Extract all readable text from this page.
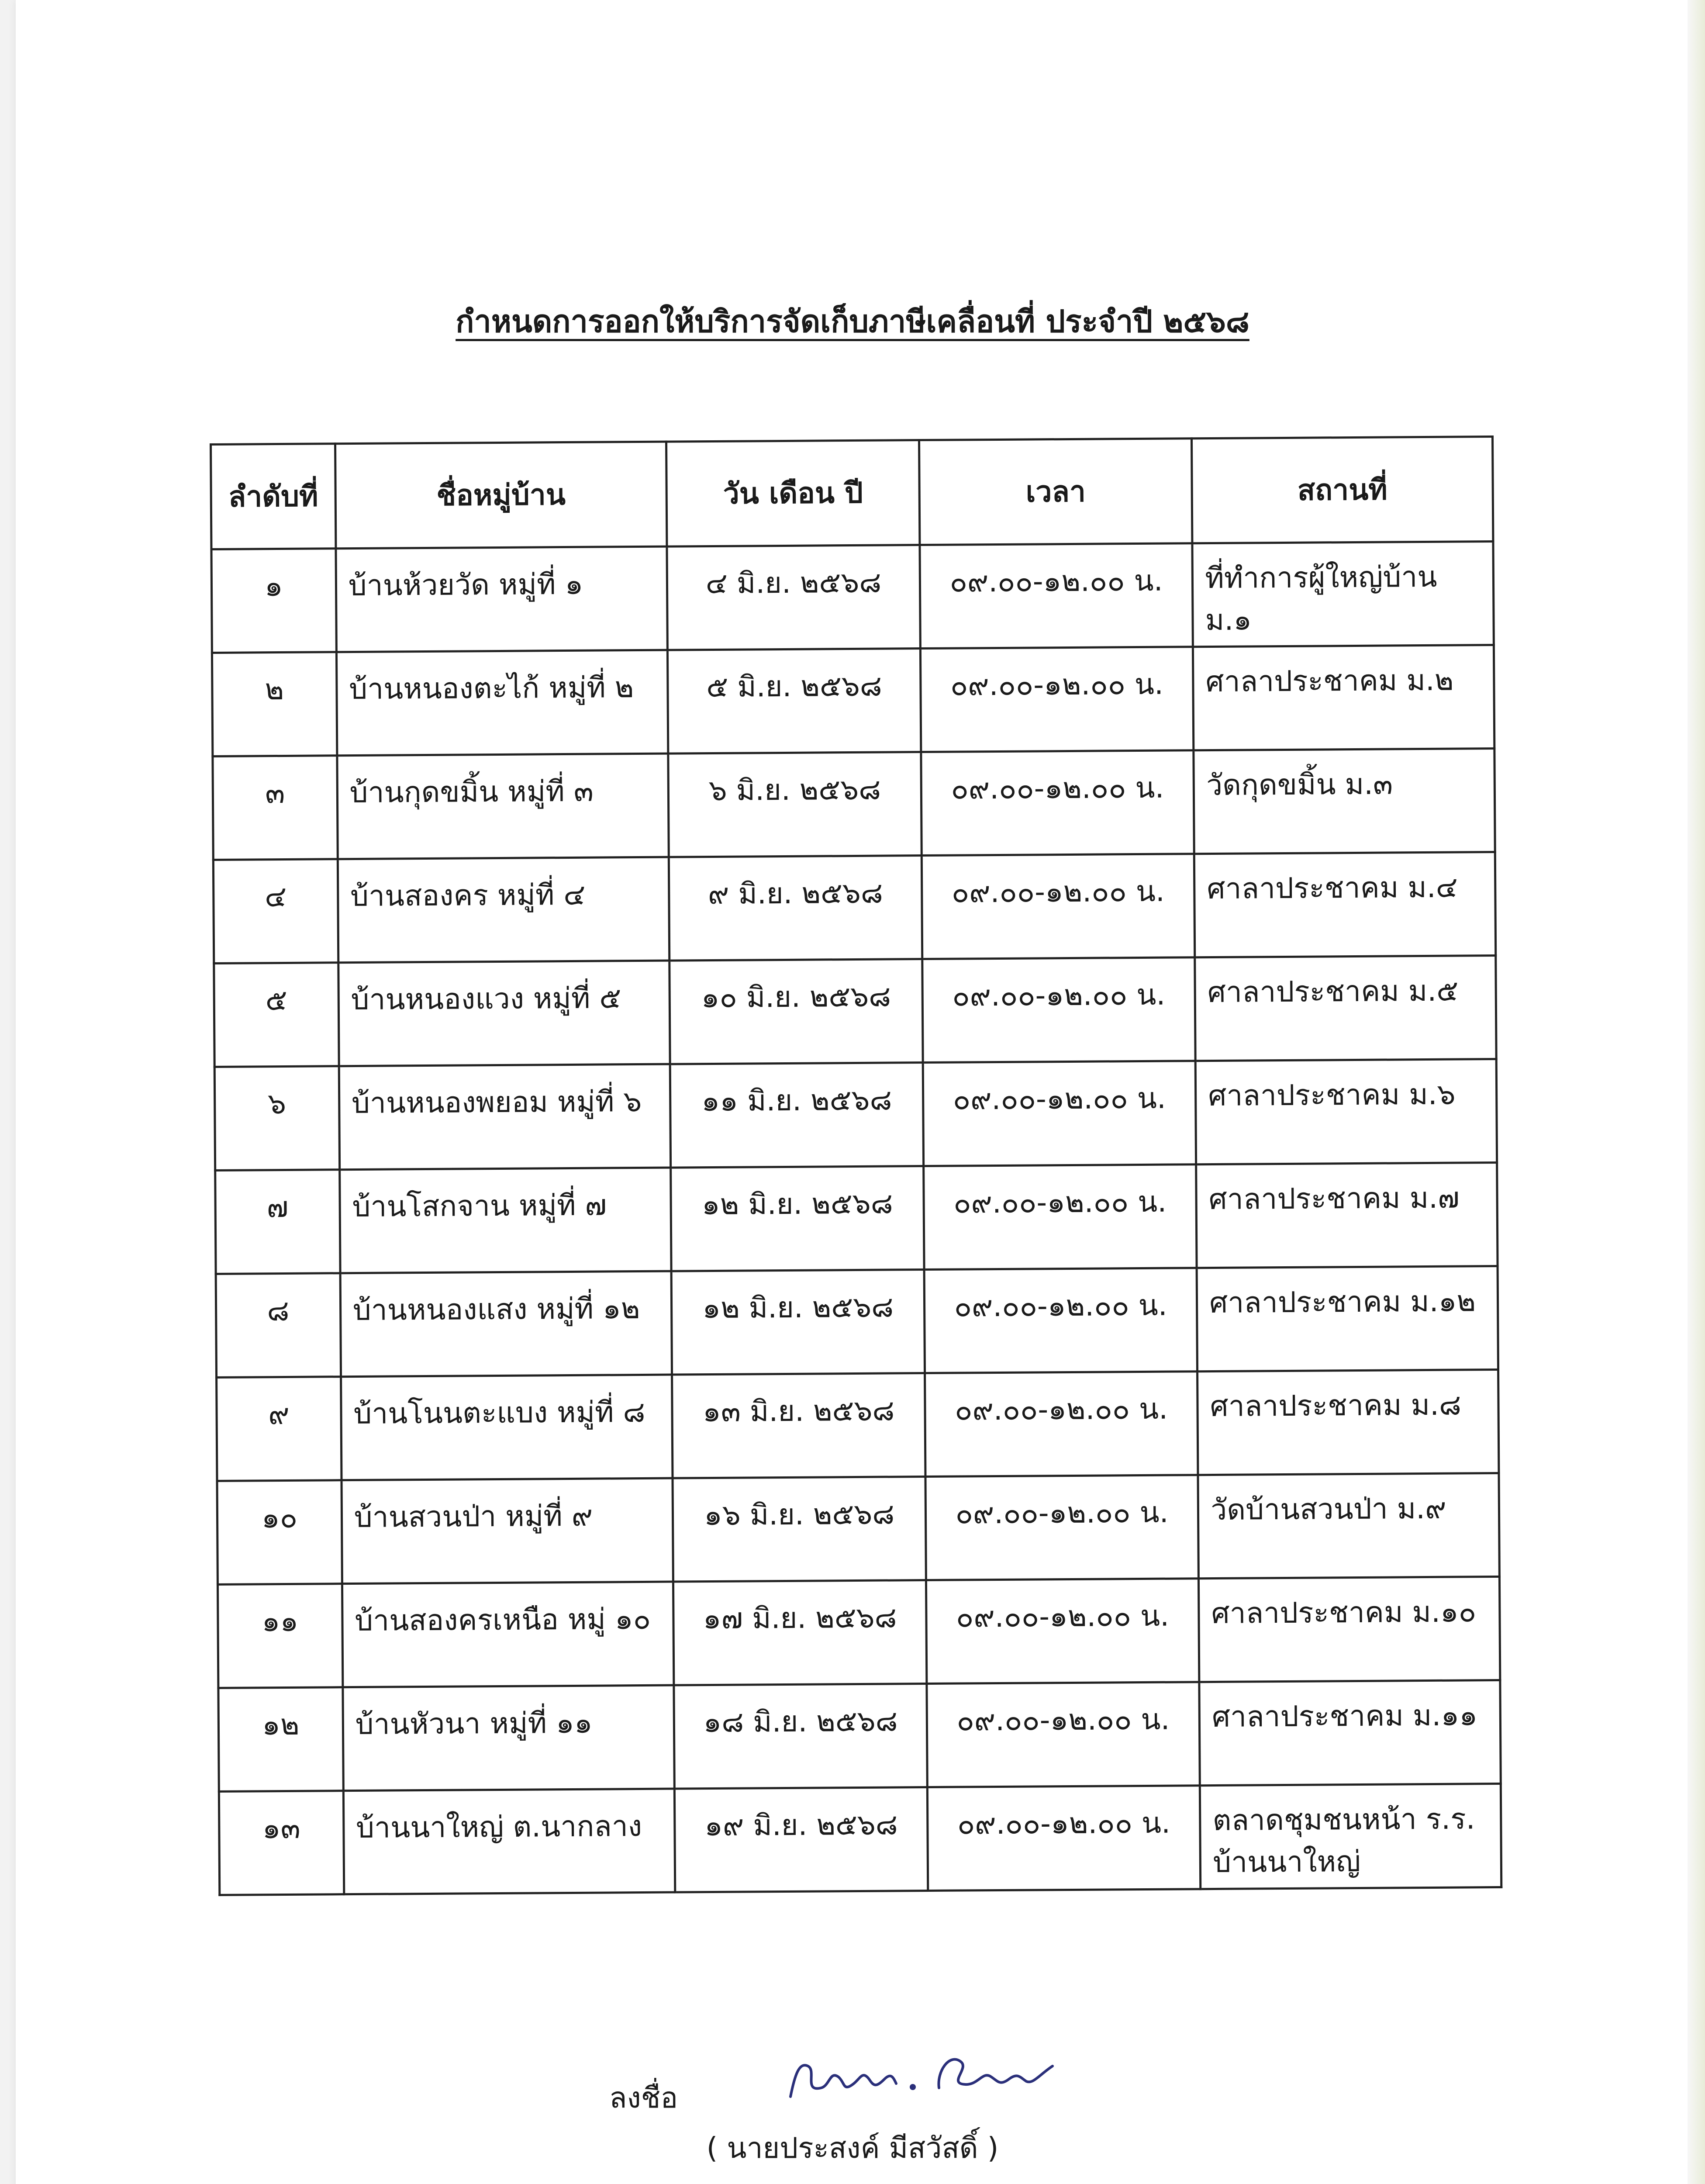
กำหนดการออกให้บริการจัดเก็บภาษีเคลื่อนที่ ประจำปี ๒๕๖๘
ลำดับที่	ชื่อหมู่บ้าน	วัน เดือน ปี	เวลา	สถานที่
๑	บ้านห้วยวัด หมู่ที่ ๑	๔ มิ.ย. ๒๕๖๘	๐๙.๐๐-๑๒.๐๐ น.	ที่ทำการผู้ใหญ่บ้าน ม.๑
๒	บ้านหนองตะไก้ หมู่ที่ ๒	๕ มิ.ย. ๒๕๖๘	๐๙.๐๐-๑๒.๐๐ น.	ศาลาประชาคม ม.๒
๓	บ้านกุดขมิ้น หมู่ที่ ๓	๖ มิ.ย. ๒๕๖๘	๐๙.๐๐-๑๒.๐๐ น.	วัดกุดขมิ้น ม.๓
๔	บ้านสองคร หมู่ที่ ๔	๙ มิ.ย. ๒๕๖๘	๐๙.๐๐-๑๒.๐๐ น.	ศาลาประชาคม ม.๔
๕	บ้านหนองแวง หมู่ที่ ๕	๑๐ มิ.ย. ๒๕๖๘	๐๙.๐๐-๑๒.๐๐ น.	ศาลาประชาคม ม.๕
๖	บ้านหนองพยอม หมู่ที่ ๖	๑๑ มิ.ย. ๒๕๖๘	๐๙.๐๐-๑๒.๐๐ น.	ศาลาประชาคม ม.๖
๗	บ้านโสกจาน หมู่ที่ ๗	๑๒ มิ.ย. ๒๕๖๘	๐๙.๐๐-๑๒.๐๐ น.	ศาลาประชาคม ม.๗
๘	บ้านหนองแสง หมู่ที่ ๑๒	๑๒ มิ.ย. ๒๕๖๘	๐๙.๐๐-๑๒.๐๐ น.	ศาลาประชาคม ม.๑๒
๙	บ้านโนนตะแบง หมู่ที่ ๘	๑๓ มิ.ย. ๒๕๖๘	๐๙.๐๐-๑๒.๐๐ น.	ศาลาประชาคม ม.๘
๑๐	บ้านสวนป่า หมู่ที่ ๙	๑๖ มิ.ย. ๒๕๖๘	๐๙.๐๐-๑๒.๐๐ น.	วัดบ้านสวนป่า ม.๙
๑๑	บ้านสองครเหนือ หมู่ ๑๐	๑๗ มิ.ย. ๒๕๖๘	๐๙.๐๐-๑๒.๐๐ น.	ศาลาประชาคม ม.๑๐
๑๒	บ้านหัวนา หมู่ที่ ๑๑	๑๘ มิ.ย. ๒๕๖๘	๐๙.๐๐-๑๒.๐๐ น.	ศาลาประชาคม ม.๑๑
๑๓	บ้านนาใหญ่ ต.นากลาง	๑๙ มิ.ย. ๒๕๖๘	๐๙.๐๐-๑๒.๐๐ น.	ตลาดชุมชนหน้า ร.ร. บ้านนาใหญ่
ลงชื่อ
( นายประสงค์ มีสวัสดิ์ )
